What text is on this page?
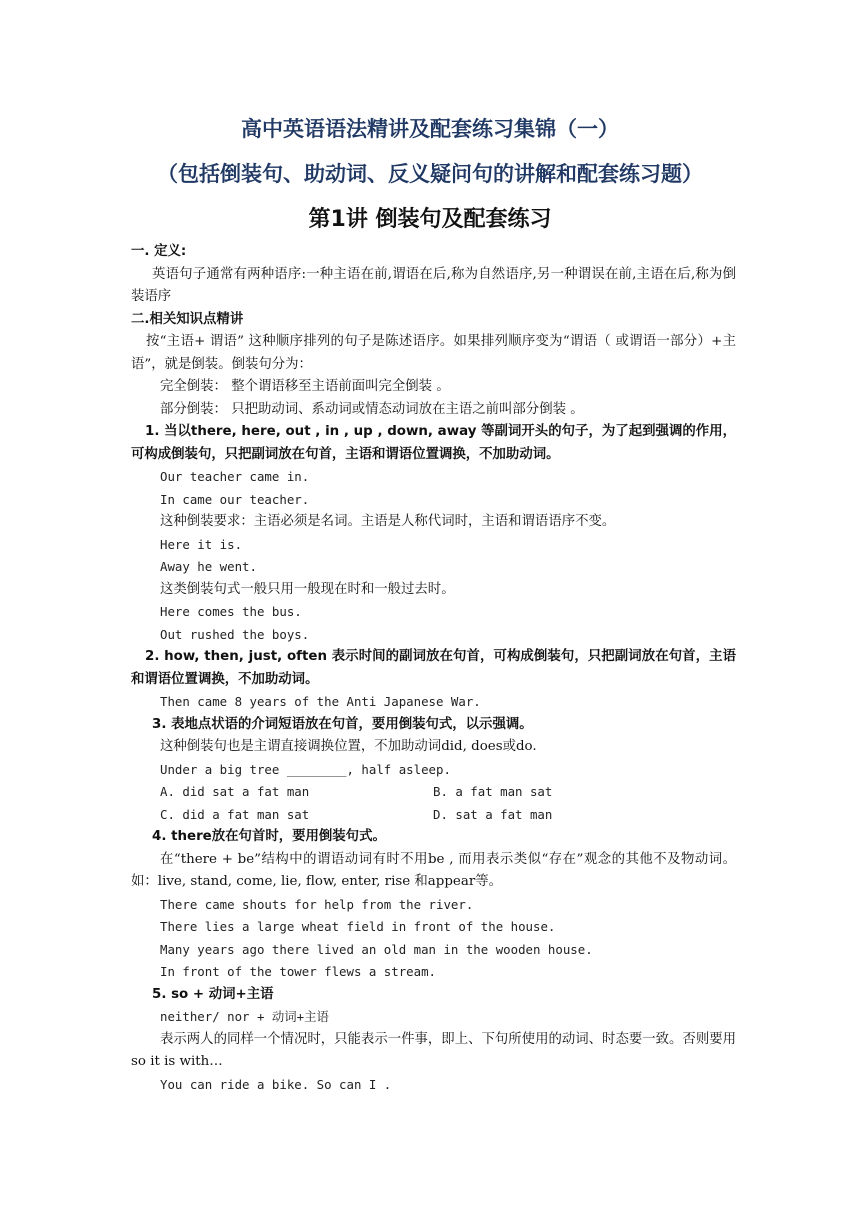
高中英语语法精讲及配套练习集锦（一）
（包括倒装句、助动词、反义疑问句的讲解和配套练习题）
第1讲 倒装句及配套练习
一. 定义:
英语句子通常有两种语序:一种主语在前,谓语在后,称为自然语序,另一种谓误在前,主语在后,称为倒装语序
二.相关知识点精讲
按“主语+ 谓语” 这种顺序排列的句子是陈述语序。如果排列顺序变为“谓语（ 或谓语一部分）+主语”，就是倒装。倒装句分为：
完全倒装： 整个谓语移至主语前面叫完全倒装 。
部分倒装： 只把助动词、系动词或情态动词放在主语之前叫部分倒装 。
1. 当以there, here, out , in , up , down, away 等副词开头的句子，为了起到强调的作用，可构成倒装句，只把副词放在句首，主语和谓语位置调换，不加助动词。
Our teacher came in.
In came our teacher.
这种倒装要求：主语必须是名词。主语是人称代词时，主语和谓语语序不变。
Here it is.
Away he went.
这类倒装句式一般只用一般现在时和一般过去时。
Here comes the bus.
Out rushed the boys.
2. how, then, just, often 表示时间的副词放在句首，可构成倒装句，只把副词放在句首，主语和谓语位置调换，不加助动词。
Then came 8 years of the Anti Japanese War.
3. 表地点状语的介词短语放在句首，要用倒装句式，以示强调。
这种倒装句也是主谓直接调换位置，不加助动词did, does或do.
Under a big tree ________, half asleep.
A. did sat a fat man	B. a fat man sat
C. did a fat man sat	D. sat a fat man
4. there放在句首时，要用倒装句式。
在“there + be”结构中的谓语动词有时不用be , 而用表示类似“存在”观念的其他不及物动词。如：live, stand, come, lie, flow, enter, rise 和appear等。
There came shouts for help from the river.
There lies a large wheat field in front of the house.
Many years ago there lived an old man in the wooden house.
In front of the tower flews a stream.
5. so + 动词+主语
neither/ nor + 动词+主语
表示两人的同样一个情况时，只能表示一件事，即上、下句所使用的动词、时态要一致。否则要用so it is with…
You can ride a bike. So can I .
